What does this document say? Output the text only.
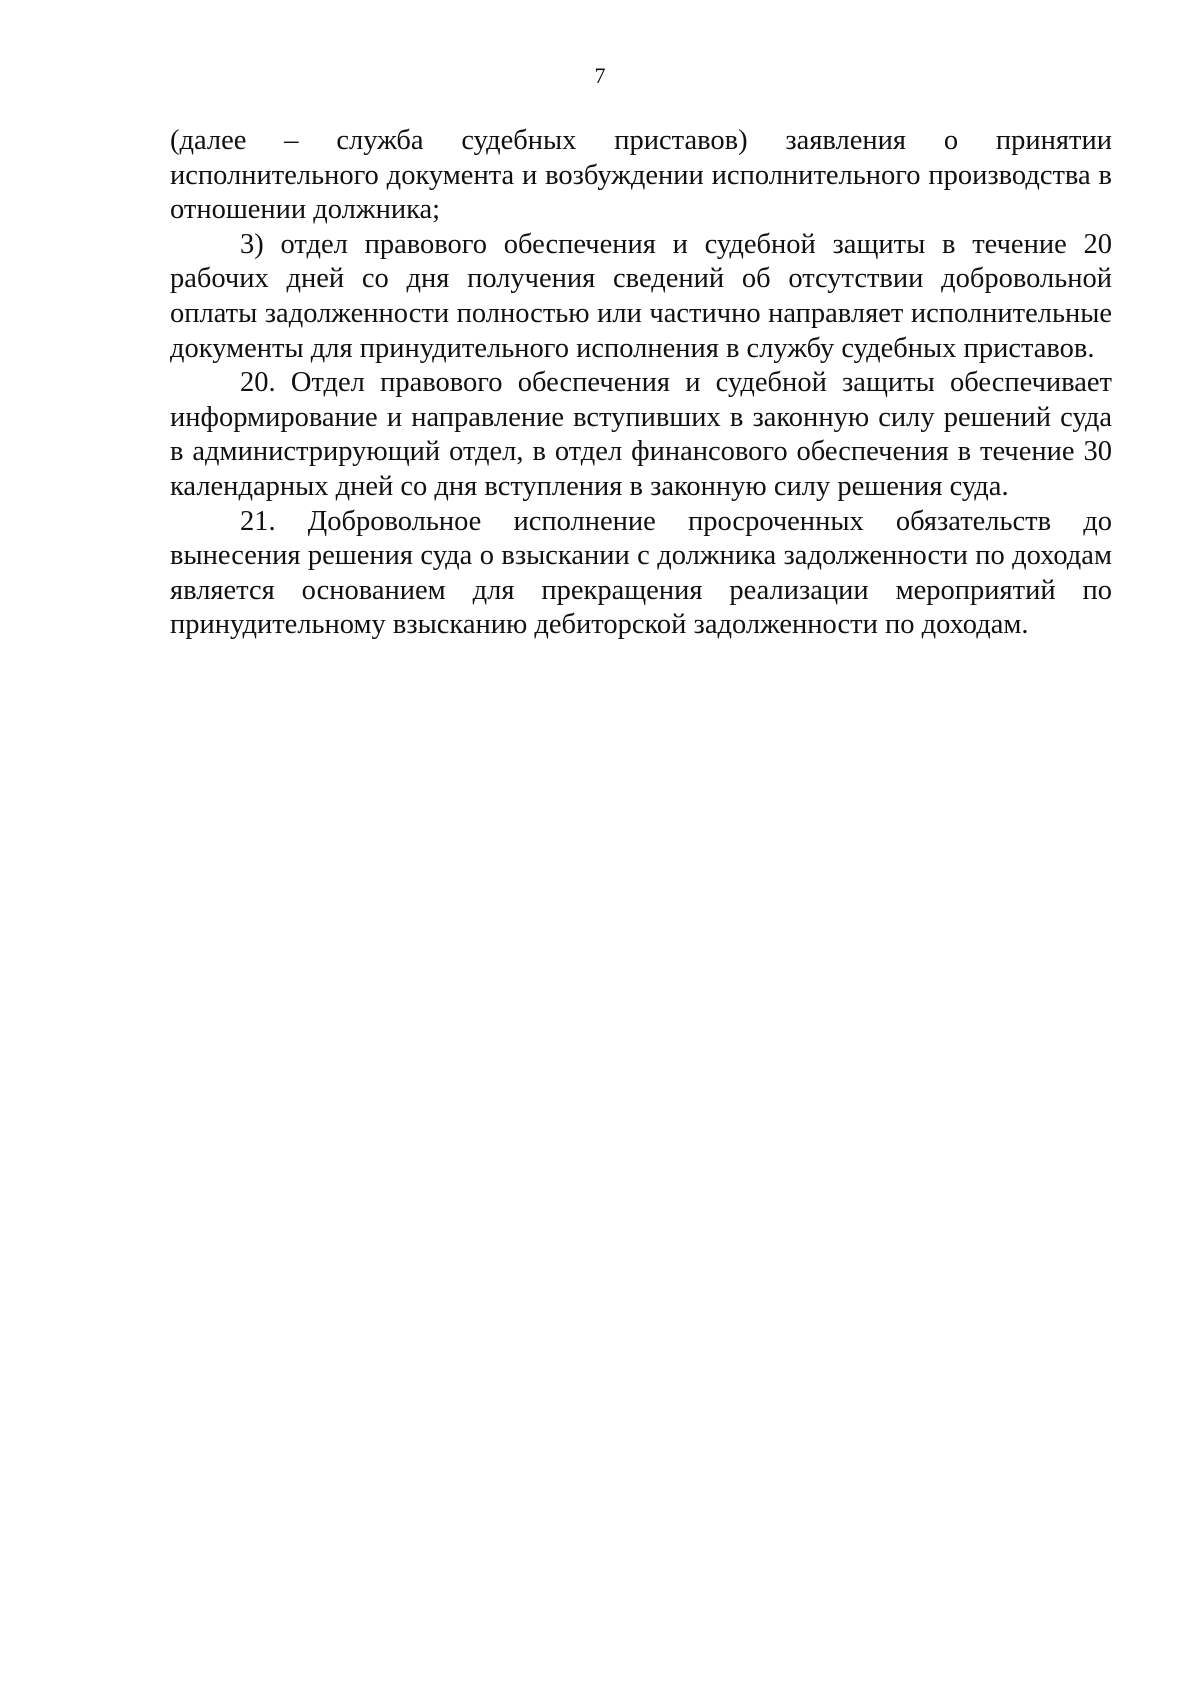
7

(далее – служба судебных приставов) заявления о принятии исполнительного документа и возбуждении исполнительного производства в отношении должника;

3) отдел правового обеспечения и судебной защиты в течение 20 рабочих дней со дня получения сведений об отсутствии добровольной оплаты задолженности полностью или частично направляет исполнительные документы для принудительного исполнения в службу судебных приставов.

20. Отдел правового обеспечения и судебной защиты обеспечивает информирование и направление вступивших в законную силу решений суда в администрирующий отдел, в отдел финансового обеспечения в течение 30 календарных дней со дня вступления в законную силу решения суда.

21. Добровольное исполнение просроченных обязательств до вынесения решения суда о взыскании с должника задолженности по доходам является основанием для прекращения реализации мероприятий по принудительному взысканию дебиторской задолженности по доходам.
